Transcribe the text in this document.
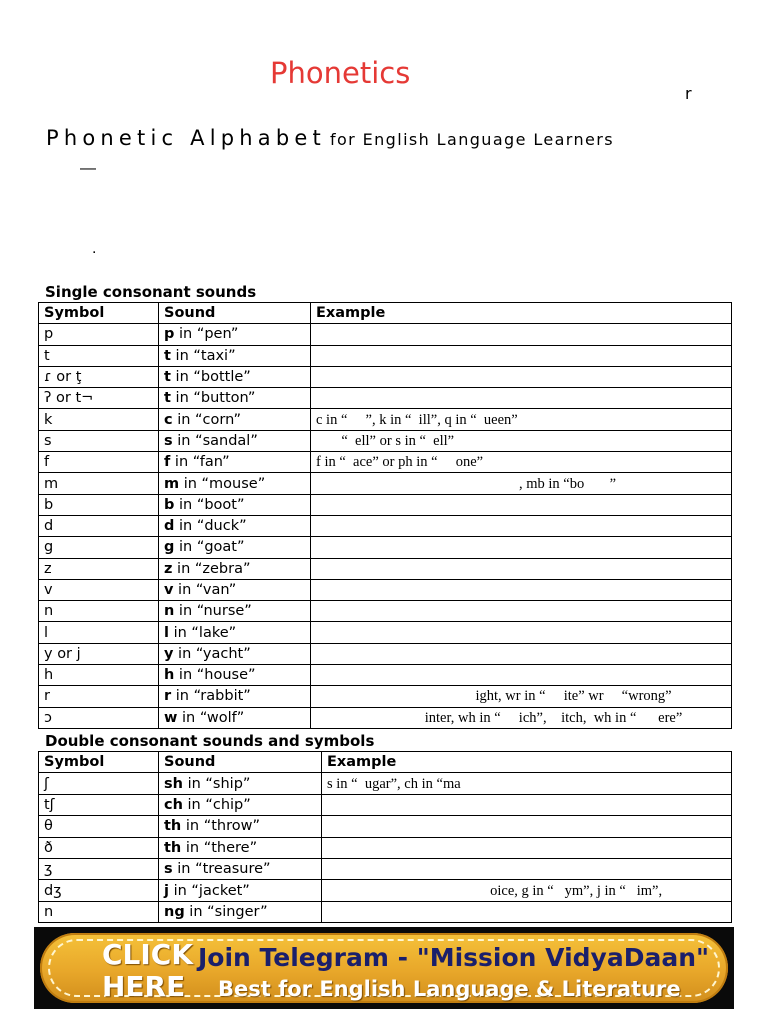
Phonetics
r
Phonetic Alphabet for English Language Learners
—
.
Single consonant sounds
Symbol	Sound	Example
p	p in “pen”	
t	t in “taxi”	
ɾ or ţ	t in “bottle”	
ʔ or t¬	t in “button”	
k	c in “corn”	c in “     ”, k in “  ill”, q in “  ueen”
s	s in “sandal”	“  ell” or s in “  ell”
f	f in “fan”	f in “  ace” or ph in “     one”
m	m in “mouse”	, mb in “bo       ”
b	b in “boot”	
d	d in “duck”	
g	g in “goat”	
z	z in “zebra”	
v	v in “van”	
n	n in “nurse”	
l	l in “lake”	
y or j	y in “yacht”	
h	h in “house”	
r	r in “rabbit”	ight, wr in “     ite” wr     “wrong”
ɔ	w in “wolf”	inter, wh in “     ich”,    itch,  wh in “      ere”
Double consonant sounds and symbols
Symbol	Sound	Example
ʃ	sh in “ship”	s in “  ugar”, ch in “ma
tʃ	ch in “chip”	
θ	th in “throw”	
ð	th in “there”	
ʒ	s in “treasure”	
dʒ	j in “jacket”	oice, g in “   ym”, j in “   im”,
n	ng in “singer”	
CLICK
HERE
Join Telegram - "Mission VidyaDaan"
Best for English Language & Literature
